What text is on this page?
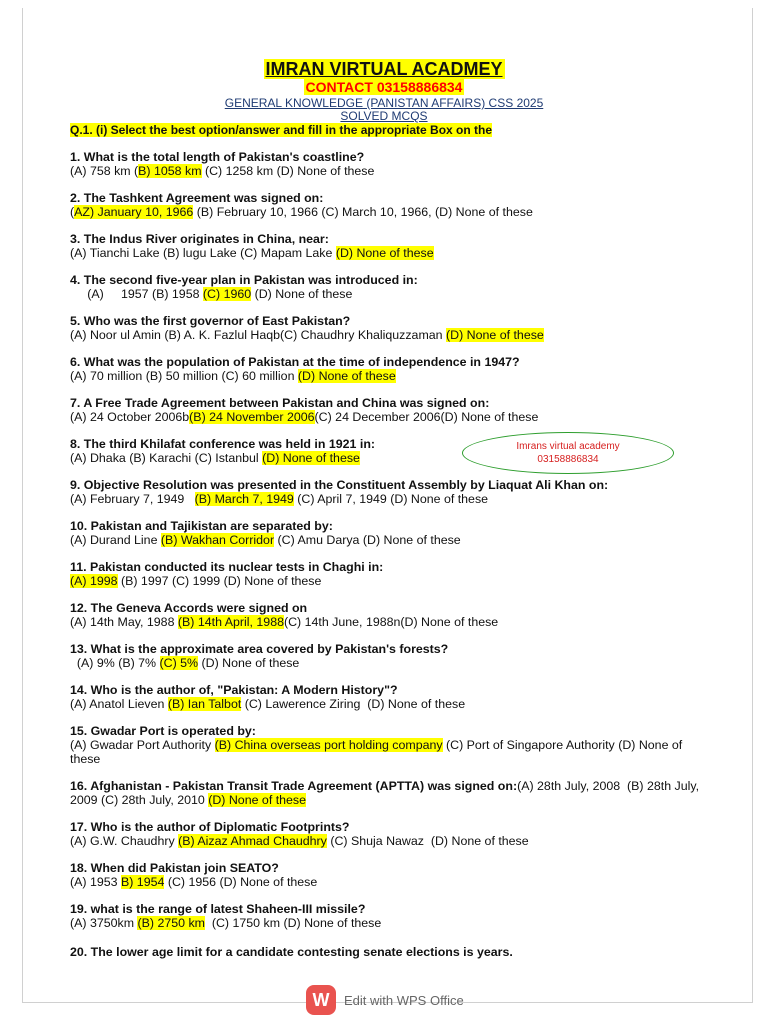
IMRAN VIRTUAL ACADMEY
CONTACT 03158886834
GENERAL KNOWLEDGE (PANISTAN AFFAIRS) CSS 2025
SOLVED MCQS
Q.1. (i) Select the best option/answer and fill in the appropriate Box on the
1. What is the total length of Pakistan's coastline?
(A) 758 km (B) 1058 km (C) 1258 km (D) None of these
2. The Tashkent Agreement was signed on:
(AZ) January 10, 1966 (B) February 10, 1966 (C) March 10, 1966, (D) None of these
3. The Indus River originates in China, near:
(A) Tianchi Lake (B) lugu Lake (C) Mapam Lake (D) None of these
4. The second five-year plan in Pakistan was introduced in:
(A)     1957 (B) 1958 (C) 1960 (D) None of these
5. Who was the first governor of East Pakistan?
(A) Noor ul Amin (B) A. K. Fazlul Haqb(C) Chaudhry Khaliquzzaman (D) None of these
6. What was the population of Pakistan at the time of independence in 1947?
(A) 70 million (B) 50 million (C) 60 million (D) None of these
7. A Free Trade Agreement between Pakistan and China was signed on:
(A) 24 October 2006b(B) 24 November 2006(C) 24 December 2006(D) None of these
8. The third Khilafat conference was held in 1921 in:
(A) Dhaka (B) Karachi (C) Istanbul (D) None of these
9. Objective Resolution was presented in the Constituent Assembly by Liaquat Ali Khan on:
(A) February 7, 1949   (B) March 7, 1949 (C) April 7, 1949 (D) None of these
10. Pakistan and Tajikistan are separated by:
(A) Durand Line (B) Wakhan Corridor (C) Amu Darya (D) None of these
11. Pakistan conducted its nuclear tests in Chaghi in:
(A) 1998 (B) 1997 (C) 1999 (D) None of these
12. The Geneva Accords were signed on
(A) 14th May, 1988 (B) 14th April, 1988(C) 14th June, 1988n(D) None of these
13. What is the approximate area covered by Pakistan's forests?
(A) 9% (B) 7% (C) 5% (D) None of these
14. Who is the author of, "Pakistan: A Modern History"?
(A) Anatol Lieven (B) Ian Talbot (C) Lawerence Ziring  (D) None of these
15. Gwadar Port is operated by:
(A) Gwadar Port Authority (B) China overseas port holding company (C) Port of Singapore Authority (D) None of these
16. Afghanistan - Pakistan Transit Trade Agreement (APTTA) was signed on:(A) 28th July, 2008  (B) 28th July, 2009 (C) 28th July, 2010 (D) None of these
17. Who is the author of Diplomatic Footprints?
(A) G.W. Chaudhry (B) Aizaz Ahmad Chaudhry (C) Shuja Nawaz  (D) None of these
18. When did Pakistan join SEATO?
(A) 1953 B) 1954 (C) 1956 (D) None of these
19. what is the range of latest Shaheen-III missile?
(A) 3750km (B) 2750 km  (C) 1750 km (D) None of these
20. The lower age limit for a candidate contesting senate elections is years.
Imrans virtual academy
03158886834
W	Edit with WPS Office
